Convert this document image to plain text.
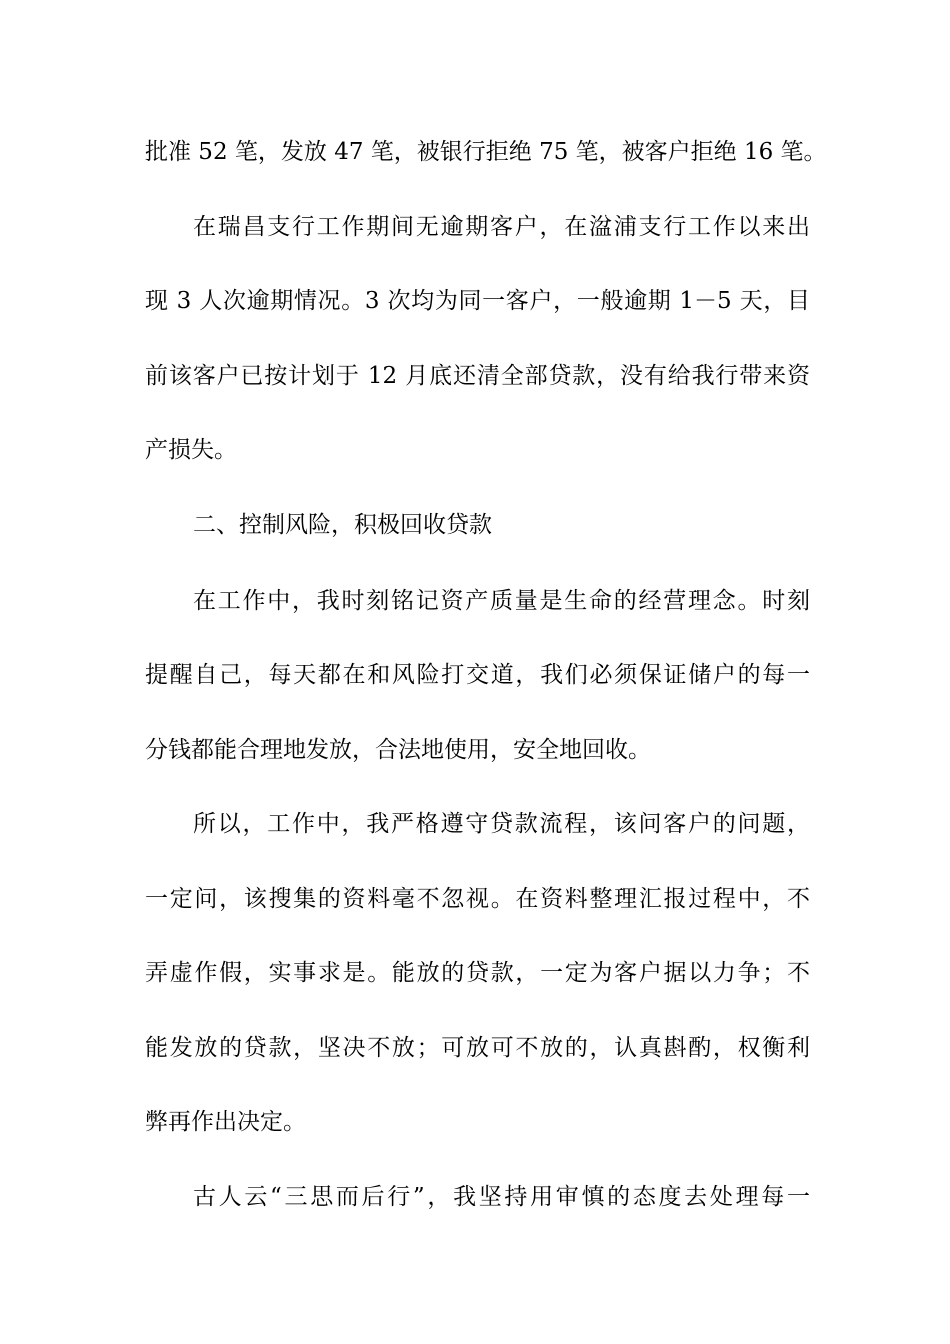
批准 52 笔，发放 47 笔，被银行拒绝 75 笔，被客户拒绝 16 笔。
在瑞昌支行工作期间无逾期客户，在湓浦支行工作以来出
现 3 人次逾期情况。3 次均为同一客户，一般逾期 1－5 天，目
前该客户已按计划于 12 月底还清全部贷款，没有给我行带来资
产损失。
二、控制风险，积极回收贷款
在工作中，我时刻铭记资产质量是生命的经营理念。时刻
提醒自己，每天都在和风险打交道，我们必须保证储户的每一
分钱都能合理地发放，合法地使用，安全地回收。
所以，工作中，我严格遵守贷款流程，该问客户的问题，
一定问，该搜集的资料毫不忽视。在资料整理汇报过程中，不
弄虚作假，实事求是。能放的贷款，一定为客户据以力争；不
能发放的贷款，坚决不放；可放可不放的，认真斟酌，权衡利
弊再作出决定。
古人云“三思而后行”，我坚持用审慎的态度去处理每一
